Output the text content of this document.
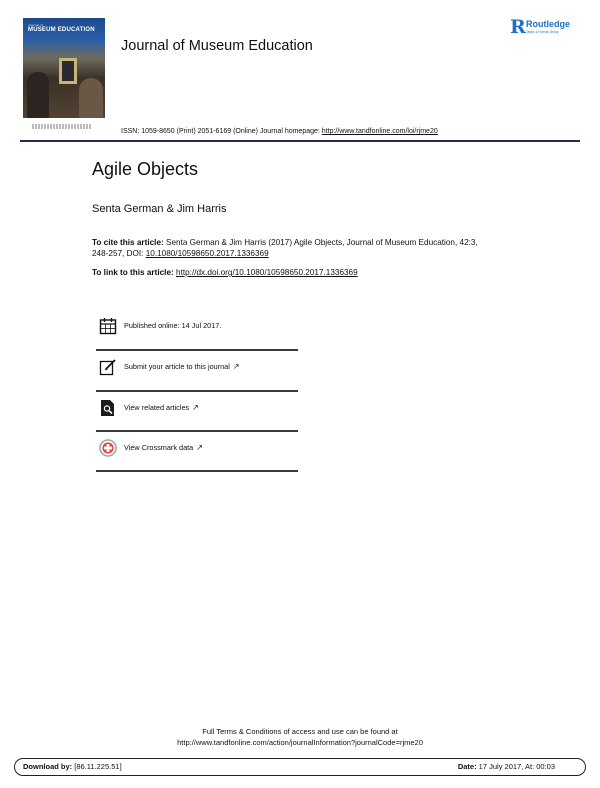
Journal of
MUSEUM EDUCATION
Journal of Museum Education
R Routledge
Taylor & Francis Group
ISSN: 1059-8650 (Print) 2051-6169 (Online) Journal homepage: http://www.tandfonline.com/loi/rjme20
Agile Objects
Senta German & Jim Harris
To cite this article: Senta German & Jim Harris (2017) Agile Objects, Journal of Museum Education, 42:3, 248-257, DOI: 10.1080/10598650.2017.1336369
To link to this article: http://dx.doi.org/10.1080/10598650.2017.1336369
Published online: 14 Jul 2017.
Submit your article to this journal ↗
View related articles ↗
View Crossmark data ↗
Full Terms & Conditions of access and use can be found at
http://www.tandfonline.com/action/journalInformation?journalCode=rjme20
Download by: [86.11.225.51]	Date: 17 July 2017, At: 00:03
